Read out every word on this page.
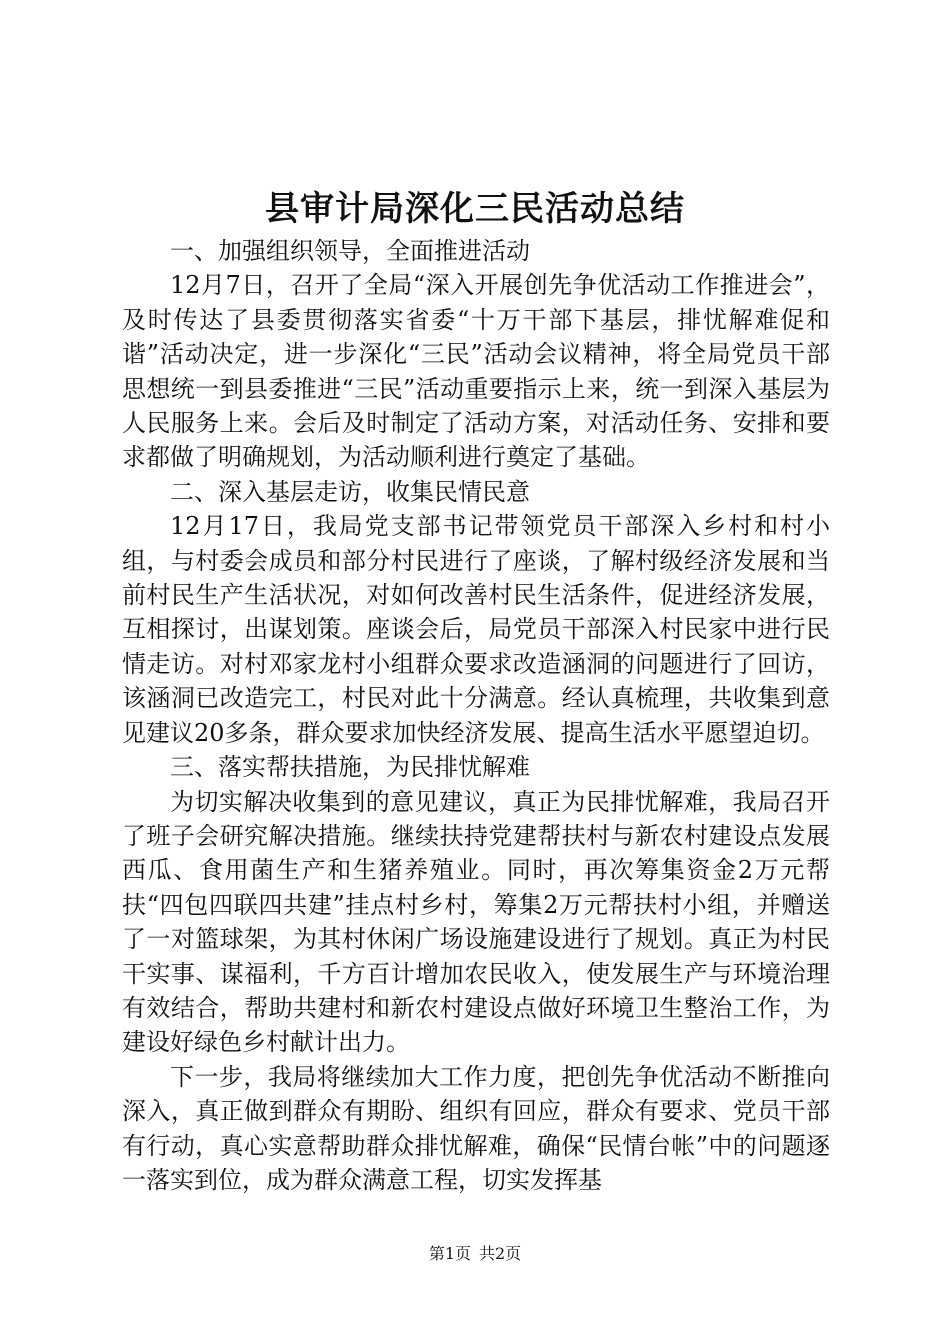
县审计局深化三民活动总结

一、加强组织领导，全面推进活动

12月7日，召开了全局“深入开展创先争优活动工作推进会”，及时传达了县委贯彻落实省委“十万干部下基层，排忧解难促和谐”活动决定，进一步深化“三民”活动会议精神，将全局党员干部思想统一到县委推进“三民”活动重要指示上来，统一到深入基层为人民服务上来。会后及时制定了活动方案，对活动任务、安排和要求都做了明确规划，为活动顺利进行奠定了基础。

二、深入基层走访，收集民情民意

12月17日，我局党支部书记带领党员干部深入乡村和村小组，与村委会成员和部分村民进行了座谈，了解村级经济发展和当前村民生产生活状况，对如何改善村民生活条件，促进经济发展，互相探讨，出谋划策。座谈会后，局党员干部深入村民家中进行民情走访。对村邓家龙村小组群众要求改造涵洞的问题进行了回访，该涵洞已改造完工，村民对此十分满意。经认真梳理，共收集到意见建议20多条，群众要求加快经济发展、提高生活水平愿望迫切。

三、落实帮扶措施，为民排忧解难

为切实解决收集到的意见建议，真正为民排忧解难，我局召开了班子会研究解决措施。继续扶持党建帮扶村与新农村建设点发展西瓜、食用菌生产和生猪养殖业。同时，再次筹集资金2万元帮扶“四包四联四共建”挂点村乡村，筹集2万元帮扶村小组，并赠送了一对篮球架，为其村休闲广场设施建设进行了规划。真正为村民干实事、谋福利，千方百计增加农民收入，使发展生产与环境治理有效结合，帮助共建村和新农村建设点做好环境卫生整治工作，为建设好绿色乡村献计出力。

下一步，我局将继续加大工作力度，把创先争优活动不断推向深入，真正做到群众有期盼、组织有回应，群众有要求、党员干部有行动，真心实意帮助群众排忧解难，确保“民情台帐”中的问题逐一落实到位，成为群众满意工程，切实发挥基

第1页 共2页
